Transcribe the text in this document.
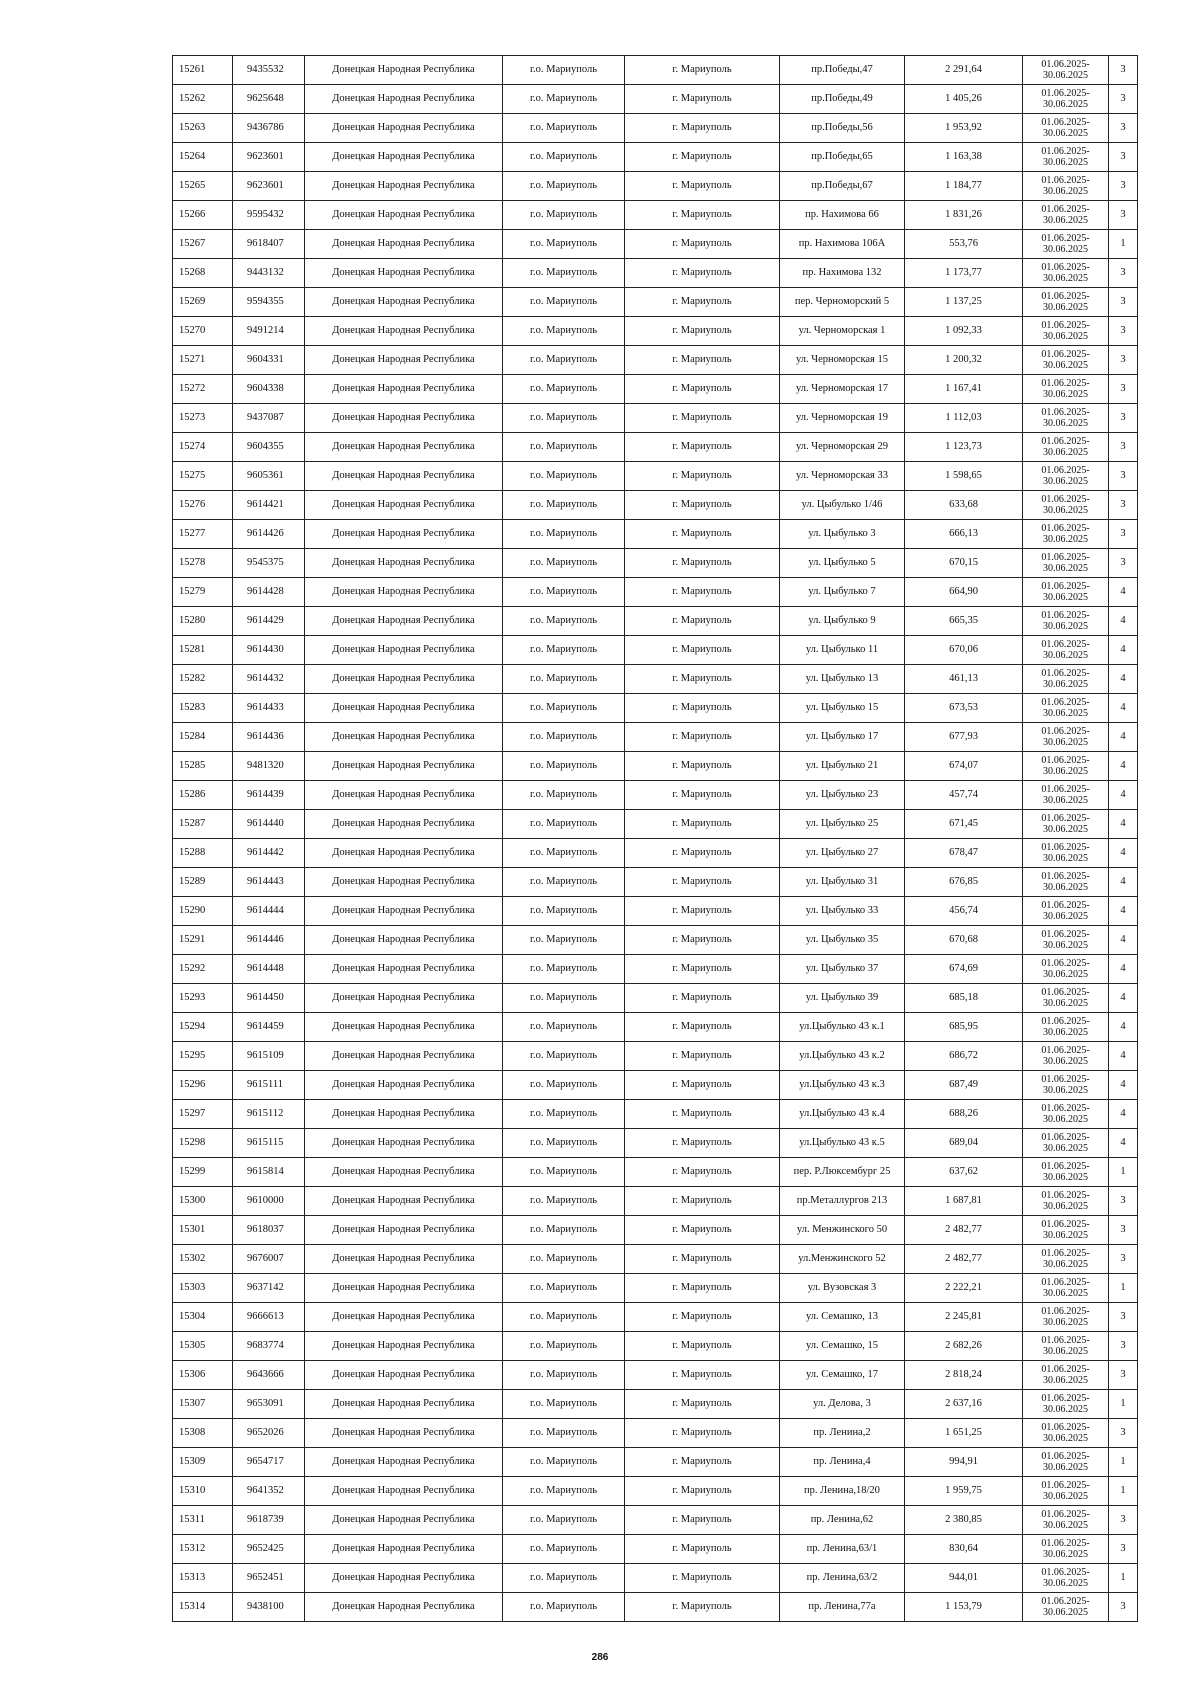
15261	9435532	Донецкая Народная Республика	г.о. Мариуполь	г. Мариуполь	пр.Победы,47	2 291,64	01.06.2025-30.06.2025	3
15262	9625648	Донецкая Народная Республика	г.о. Мариуполь	г. Мариуполь	пр.Победы,49	1 405,26	01.06.2025-30.06.2025	3
15263	9436786	Донецкая Народная Республика	г.о. Мариуполь	г. Мариуполь	пр.Победы,56	1 953,92	01.06.2025-30.06.2025	3
15264	9623601	Донецкая Народная Республика	г.о. Мариуполь	г. Мариуполь	пр.Победы,65	1 163,38	01.06.2025-30.06.2025	3
15265	9623601	Донецкая Народная Республика	г.о. Мариуполь	г. Мариуполь	пр.Победы,67	1 184,77	01.06.2025-30.06.2025	3
15266	9595432	Донецкая Народная Республика	г.о. Мариуполь	г. Мариуполь	пр. Нахимова 66	1 831,26	01.06.2025-30.06.2025	3
15267	9618407	Донецкая Народная Республика	г.о. Мариуполь	г. Мариуполь	пр. Нахимова 106А	553,76	01.06.2025-30.06.2025	1
15268	9443132	Донецкая Народная Республика	г.о. Мариуполь	г. Мариуполь	пр. Нахимова 132	1 173,77	01.06.2025-30.06.2025	3
15269	9594355	Донецкая Народная Республика	г.о. Мариуполь	г. Мариуполь	пер. Черноморский 5	1 137,25	01.06.2025-30.06.2025	3
15270	9491214	Донецкая Народная Республика	г.о. Мариуполь	г. Мариуполь	ул. Черноморская 1	1 092,33	01.06.2025-30.06.2025	3
15271	9604331	Донецкая Народная Республика	г.о. Мариуполь	г. Мариуполь	ул. Черноморская 15	1 200,32	01.06.2025-30.06.2025	3
15272	9604338	Донецкая Народная Республика	г.о. Мариуполь	г. Мариуполь	ул. Черноморская 17	1 167,41	01.06.2025-30.06.2025	3
15273	9437087	Донецкая Народная Республика	г.о. Мариуполь	г. Мариуполь	ул. Черноморская 19	1 112,03	01.06.2025-30.06.2025	3
15274	9604355	Донецкая Народная Республика	г.о. Мариуполь	г. Мариуполь	ул. Черноморская 29	1 123,73	01.06.2025-30.06.2025	3
15275	9605361	Донецкая Народная Республика	г.о. Мариуполь	г. Мариуполь	ул. Черноморская 33	1 598,65	01.06.2025-30.06.2025	3
15276	9614421	Донецкая Народная Республика	г.о. Мариуполь	г. Мариуполь	ул. Цыбулько 1/46	633,68	01.06.2025-30.06.2025	3
15277	9614426	Донецкая Народная Республика	г.о. Мариуполь	г. Мариуполь	ул. Цыбулько 3	666,13	01.06.2025-30.06.2025	3
15278	9545375	Донецкая Народная Республика	г.о. Мариуполь	г. Мариуполь	ул. Цыбулько 5	670,15	01.06.2025-30.06.2025	3
15279	9614428	Донецкая Народная Республика	г.о. Мариуполь	г. Мариуполь	ул. Цыбулько 7	664,90	01.06.2025-30.06.2025	4
15280	9614429	Донецкая Народная Республика	г.о. Мариуполь	г. Мариуполь	ул. Цыбулько 9	665,35	01.06.2025-30.06.2025	4
15281	9614430	Донецкая Народная Республика	г.о. Мариуполь	г. Мариуполь	ул. Цыбулько 11	670,06	01.06.2025-30.06.2025	4
15282	9614432	Донецкая Народная Республика	г.о. Мариуполь	г. Мариуполь	ул. Цыбулько 13	461,13	01.06.2025-30.06.2025	4
15283	9614433	Донецкая Народная Республика	г.о. Мариуполь	г. Мариуполь	ул. Цыбулько 15	673,53	01.06.2025-30.06.2025	4
15284	9614436	Донецкая Народная Республика	г.о. Мариуполь	г. Мариуполь	ул. Цыбулько 17	677,93	01.06.2025-30.06.2025	4
15285	9481320	Донецкая Народная Республика	г.о. Мариуполь	г. Мариуполь	ул. Цыбулько 21	674,07	01.06.2025-30.06.2025	4
15286	9614439	Донецкая Народная Республика	г.о. Мариуполь	г. Мариуполь	ул. Цыбулько 23	457,74	01.06.2025-30.06.2025	4
15287	9614440	Донецкая Народная Республика	г.о. Мариуполь	г. Мариуполь	ул. Цыбулько 25	671,45	01.06.2025-30.06.2025	4
15288	9614442	Донецкая Народная Республика	г.о. Мариуполь	г. Мариуполь	ул. Цыбулько 27	678,47	01.06.2025-30.06.2025	4
15289	9614443	Донецкая Народная Республика	г.о. Мариуполь	г. Мариуполь	ул. Цыбулько 31	676,85	01.06.2025-30.06.2025	4
15290	9614444	Донецкая Народная Республика	г.о. Мариуполь	г. Мариуполь	ул. Цыбулько 33	456,74	01.06.2025-30.06.2025	4
15291	9614446	Донецкая Народная Республика	г.о. Мариуполь	г. Мариуполь	ул. Цыбулько 35	670,68	01.06.2025-30.06.2025	4
15292	9614448	Донецкая Народная Республика	г.о. Мариуполь	г. Мариуполь	ул. Цыбулько 37	674,69	01.06.2025-30.06.2025	4
15293	9614450	Донецкая Народная Республика	г.о. Мариуполь	г. Мариуполь	ул. Цыбулько 39	685,18	01.06.2025-30.06.2025	4
15294	9614459	Донецкая Народная Республика	г.о. Мариуполь	г. Мариуполь	ул.Цыбулько 43 к.1	685,95	01.06.2025-30.06.2025	4
15295	9615109	Донецкая Народная Республика	г.о. Мариуполь	г. Мариуполь	ул.Цыбулько 43 к.2	686,72	01.06.2025-30.06.2025	4
15296	9615111	Донецкая Народная Республика	г.о. Мариуполь	г. Мариуполь	ул.Цыбулько 43 к.3	687,49	01.06.2025-30.06.2025	4
15297	9615112	Донецкая Народная Республика	г.о. Мариуполь	г. Мариуполь	ул.Цыбулько 43 к.4	688,26	01.06.2025-30.06.2025	4
15298	9615115	Донецкая Народная Республика	г.о. Мариуполь	г. Мариуполь	ул.Цыбулько 43 к.5	689,04	01.06.2025-30.06.2025	4
15299	9615814	Донецкая Народная Республика	г.о. Мариуполь	г. Мариуполь	пер. Р.Люксембург 25	637,62	01.06.2025-30.06.2025	1
15300	9610000	Донецкая Народная Республика	г.о. Мариуполь	г. Мариуполь	пр.Металлургов 213	1 687,81	01.06.2025-30.06.2025	3
15301	9618037	Донецкая Народная Республика	г.о. Мариуполь	г. Мариуполь	ул. Менжинского 50	2 482,77	01.06.2025-30.06.2025	3
15302	9676007	Донецкая Народная Республика	г.о. Мариуполь	г. Мариуполь	ул.Менжинского 52	2 482,77	01.06.2025-30.06.2025	3
15303	9637142	Донецкая Народная Республика	г.о. Мариуполь	г. Мариуполь	ул. Вузовская 3	2 222,21	01.06.2025-30.06.2025	1
15304	9666613	Донецкая Народная Республика	г.о. Мариуполь	г. Мариуполь	ул. Семашко, 13	2 245,81	01.06.2025-30.06.2025	3
15305	9683774	Донецкая Народная Республика	г.о. Мариуполь	г. Мариуполь	ул. Семашко, 15	2 682,26	01.06.2025-30.06.2025	3
15306	9643666	Донецкая Народная Республика	г.о. Мариуполь	г. Мариуполь	ул. Семашко, 17	2 818,24	01.06.2025-30.06.2025	3
15307	9653091	Донецкая Народная Республика	г.о. Мариуполь	г. Мариуполь	ул. Делова, 3	2 637,16	01.06.2025-30.06.2025	1
15308	9652026	Донецкая Народная Республика	г.о. Мариуполь	г. Мариуполь	пр. Ленина,2	1 651,25	01.06.2025-30.06.2025	3
15309	9654717	Донецкая Народная Республика	г.о. Мариуполь	г. Мариуполь	пр. Ленина,4	994,91	01.06.2025-30.06.2025	1
15310	9641352	Донецкая Народная Республика	г.о. Мариуполь	г. Мариуполь	пр. Ленина,18/20	1 959,75	01.06.2025-30.06.2025	1
15311	9618739	Донецкая Народная Республика	г.о. Мариуполь	г. Мариуполь	пр. Ленина,62	2 380,85	01.06.2025-30.06.2025	3
15312	9652425	Донецкая Народная Республика	г.о. Мариуполь	г. Мариуполь	пр. Ленина,63/1	830,64	01.06.2025-30.06.2025	3
15313	9652451	Донецкая Народная Республика	г.о. Мариуполь	г. Мариуполь	пр. Ленина,63/2	944,01	01.06.2025-30.06.2025	1
15314	9438100	Донецкая Народная Республика	г.о. Мариуполь	г. Мариуполь	пр. Ленина,77а	1 153,79	01.06.2025-30.06.2025	3
286
